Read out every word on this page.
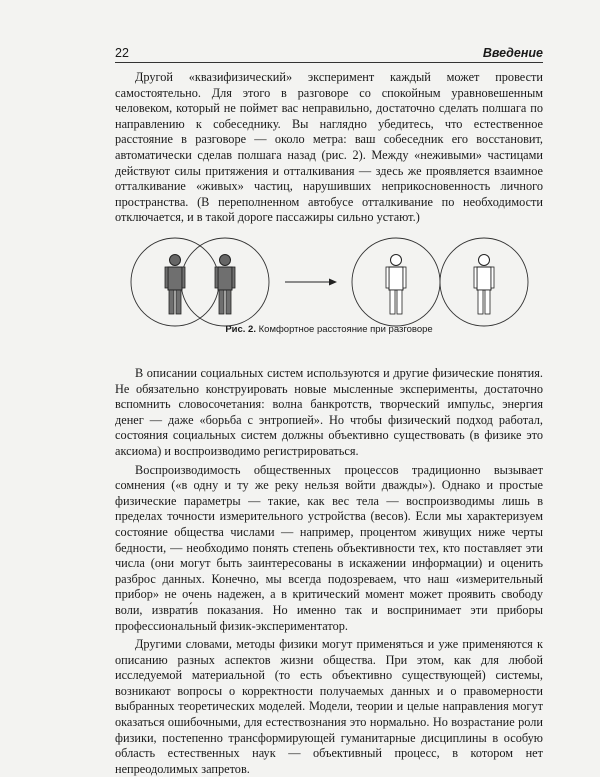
22	Введение

Другой «квазифизический» эксперимент каждый может провести самостоятельно. Для этого в разговоре со спокойным уравновешенным человеком, который не поймет вас неправильно, достаточно сделать полшага по направлению к собеседнику. Вы наглядно убедитесь, что естественное расстояние в разговоре — около метра: ваш собеседник его восстановит, автоматически сделав полшага назад (рис. 2). Между «неживыми» частицами действуют силы притяжения и отталкивания — здесь же проявляется взаимное отталкивание «живых» частиц, нарушивших неприкосновенность личного пространства. (В переполненном автобусе отталкивание по необходимости отключается, и в такой дороге пассажиры сильно устают.)

Рис. 2. Комфортное расстояние при разговоре

В описании социальных систем используются и другие физические понятия. Не обязательно конструировать новые мысленные эксперименты, достаточно вспомнить словосочетания: волна банкротств, творческий импульс, энергия денег — даже «борьба с энтропией». Но чтобы физический подход работал, состояния социальных систем должны объективно существовать (в физике это аксиома) и воспроизводимо регистрироваться.

Воспроизводимость общественных процессов традиционно вызывает сомнения («в одну и ту же реку нельзя войти дважды»). Однако и простые физические параметры — такие, как вес тела — воспроизводимы лишь в пределах точности измерительного устройства (весов). Если мы характеризуем состояние общества числами — например, процентом живущих ниже черты бедности, — необходимо понять степень объективности тех, кто поставляет эти числа (они могут быть заинтересованы в искажении информации) и оценить разброс данных. Конечно, мы всегда подозреваем, что наш «измерительный прибор» не очень надежен, а в критический момент может проявить свободу воли, изврати́в показания. Но именно так и воспринимает эти приборы профессиональный физик-экспериментатор.

Другими словами, методы физики могут применяться и уже применяются к описанию разных аспектов жизни общества. При этом, как для любой исследуемой материальной (то есть объективно существующей) системы, возникают вопросы о корректности получаемых данных и о правомерности выбранных теоретических моделей. Модели, теории и целые направления могут оказаться ошибочными, для естествознания это нормально. Но возрастание роли физики, постепенно трансформирующей гуманитарные дисциплины в особую область естественных наук — объективный процесс, в котором нет непреодолимых запретов.
